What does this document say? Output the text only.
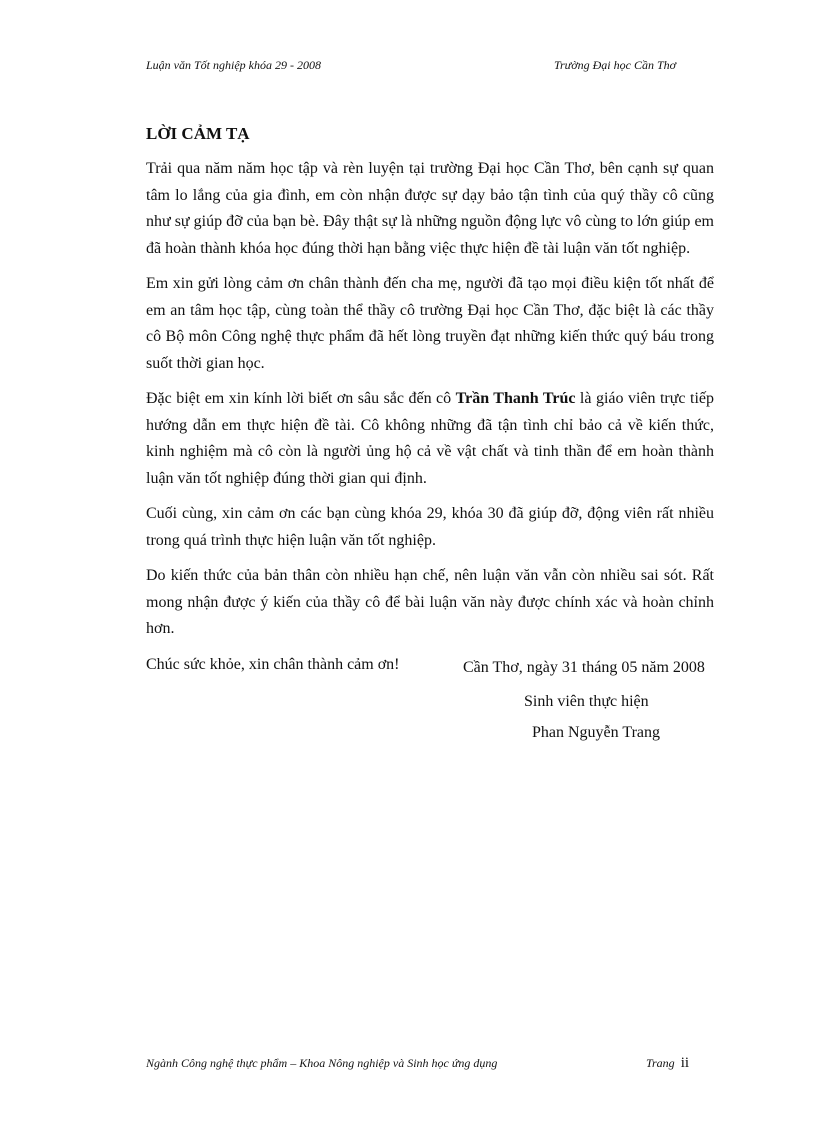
Luận văn Tốt nghiệp khóa 29 - 2008	Trường Đại học Cần Thơ
LỜI CẢM TẠ

Trải qua năm năm học tập và rèn luyện tại trường Đại học Cần Thơ, bên cạnh sự quan tâm lo lắng của gia đình, em còn nhận được sự dạy bảo tận tình của quý thầy cô cũng như sự giúp đỡ của bạn bè. Đây thật sự là những nguồn động lực vô cùng to lớn giúp em đã hoàn thành khóa học đúng thời hạn bằng việc thực hiện đề tài luận văn tốt nghiệp.

Em xin gửi lòng cảm ơn chân thành đến cha mẹ, người đã tạo mọi điều kiện tốt nhất để em an tâm học tập, cùng toàn thể thầy cô trường Đại học Cần Thơ, đặc biệt là các thầy cô Bộ môn Công nghệ thực phẩm đã hết lòng truyền đạt những kiến thức quý báu trong suốt thời gian học.

Đặc biệt em xin kính lời biết ơn sâu sắc đến cô Trần Thanh Trúc là giáo viên trực tiếp hướng dẫn em thực hiện đề tài. Cô không những đã tận tình chỉ bảo cả về kiến thức, kinh nghiệm mà cô còn là người ủng hộ cả về vật chất và tinh thần để em hoàn thành luận văn tốt nghiệp đúng thời gian qui định.

Cuối cùng, xin cảm ơn các bạn cùng khóa 29, khóa 30 đã giúp đỡ, động viên rất nhiều trong quá trình thực hiện luận văn tốt nghiệp.

Do kiến thức của bản thân còn nhiều hạn chế, nên luận văn vẫn còn nhiều sai sót. Rất mong nhận được ý kiến của thầy cô để bài luận văn này được chính xác và hoàn chỉnh hơn.

Chúc sức khỏe, xin chân thành cảm ơn!	Cần Thơ, ngày 31 tháng 05 năm 2008
Sinh viên thực hiện
Phan Nguyễn Trang
Ngành Công nghệ thực phẩm – Khoa Nông nghiệp và Sinh học ứng dụng	Trang ii
